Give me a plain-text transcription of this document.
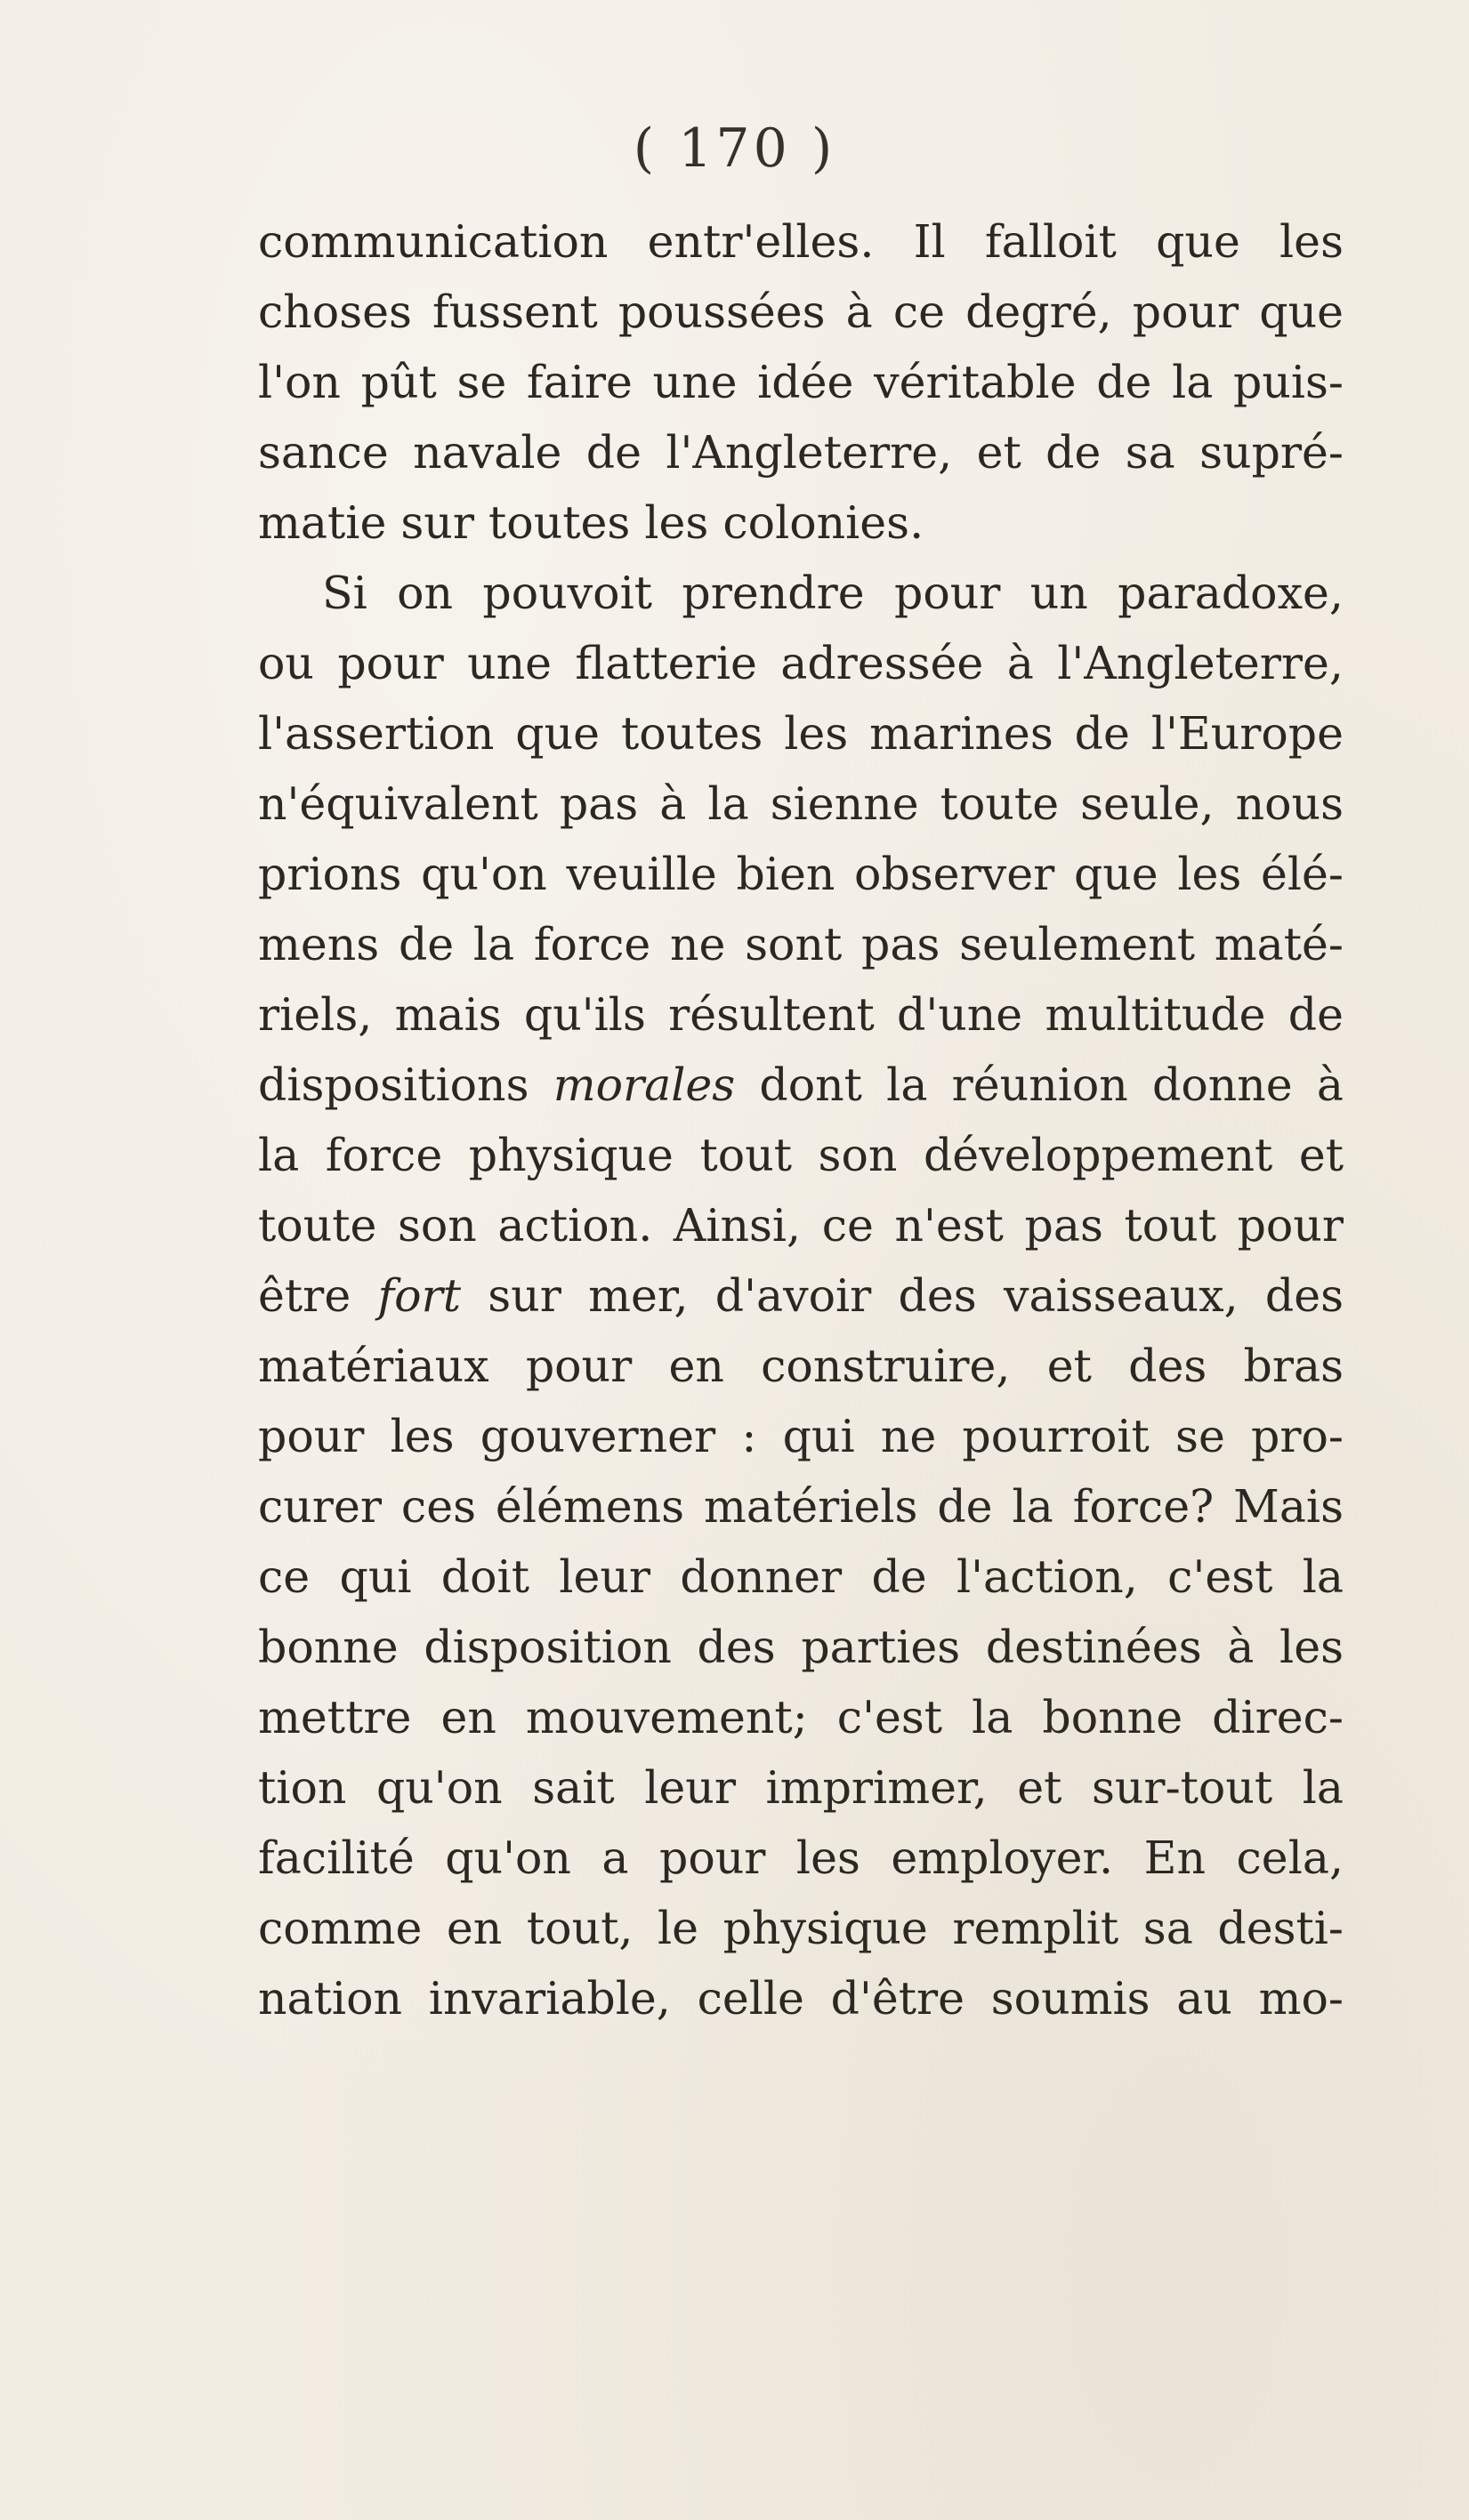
( 170 )
communication entr'elles. Il falloit que les
choses fussent poussées à ce degré, pour que
l'on pût se faire une idée véritable de la puis-
sance navale de l'Angleterre, et de sa supré-
matie sur toutes les colonies.
Si on pouvoit prendre pour un paradoxe,
ou pour une flatterie adressée à l'Angleterre,
l'assertion que toutes les marines de l'Europe
n'équivalent pas à la sienne toute seule, nous
prions qu'on veuille bien observer que les élé-
mens de la force ne sont pas seulement maté-
riels, mais qu'ils résultent d'une multitude de
dispositions morales dont la réunion donne à
la force physique tout son développement et
toute son action. Ainsi, ce n'est pas tout pour
être fort sur mer, d'avoir des vaisseaux, des
matériaux pour en construire, et des bras
pour les gouverner : qui ne pourroit se pro-
curer ces élémens matériels de la force? Mais
ce qui doit leur donner de l'action, c'est la
bonne disposition des parties destinées à les
mettre en mouvement; c'est la bonne direc-
tion qu'on sait leur imprimer, et sur-tout la
facilité qu'on a pour les employer. En cela,
comme en tout, le physique remplit sa desti-
nation invariable, celle d'être soumis au mo-
